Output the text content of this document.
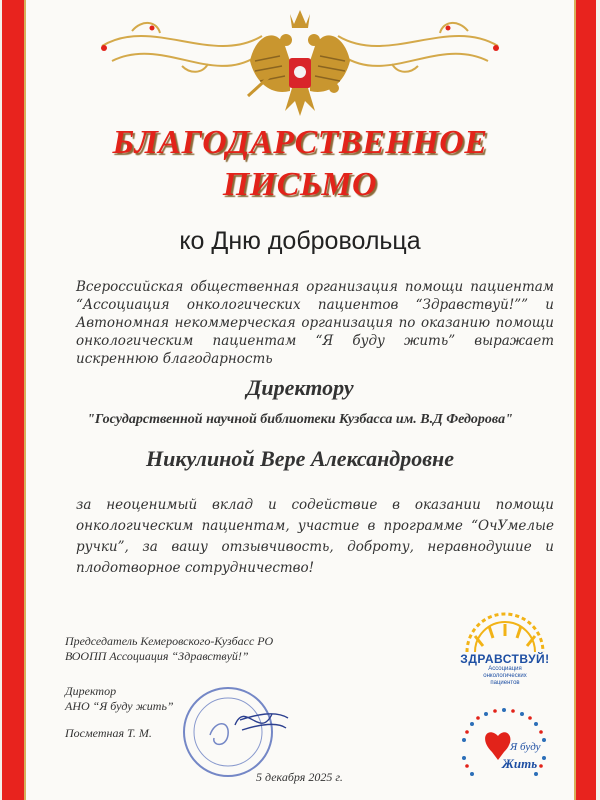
БЛАГОДАРСТВЕННОЕ
ПИСЬМО
ко Дню добровольца
Всероссийская общественная организация помощи пациентам “Ассоциация онкологических пациентов “Здравствуй!”” и Автономная некоммерческая организация по оказанию помощи онкологическим пациентам “Я буду жить” выражает искреннюю благодарность
Директору
"Государственной научной библиотеки Кузбасса им. В.Д Федорова"
Никулиной Вере Александровне
за неоценимый вклад и содействие в оказании помощи онкологическим пациентам, участие в программе “ОчУмелые ручки”, за вашу отзывчивость, доброту, неравнодушие и плодотворное сотрудничество!
Председатель Кемеровского-Кузбасс РО
ВООПП Ассоциация “Здравствуй!”
Директор
АНО “Я буду жить”
Посметная Т. М.
ЗДРАВСТВУЙ!
Ассоциация
онкологических
пациентов
Я буду
Жить
5 декабря 2025 г.
